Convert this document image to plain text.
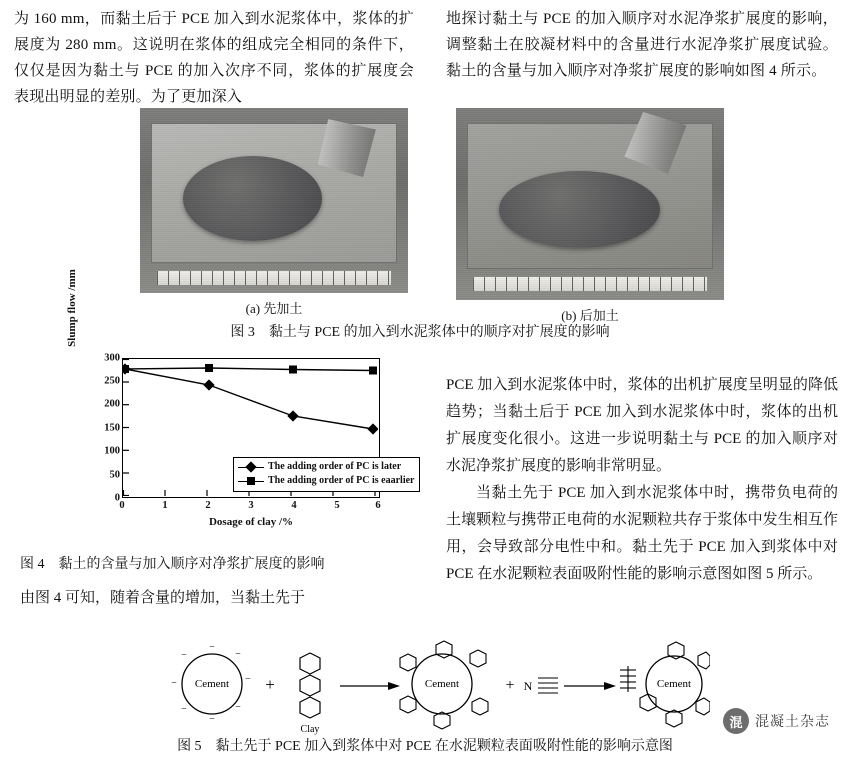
为 160 mm，而黏土后于 PCE 加入到水泥浆体中，浆体的扩展度为 280 mm。这说明在浆体的组成完全相同的条件下，仅仅是因为黏土与 PCE 的加入次序不同，浆体的扩展度会表现出明显的差别。为了更加深入
地探讨黏土与 PCE 的加入顺序对水泥净浆扩展度的影响，调整黏土在胶凝材料中的含量进行水泥净浆扩展度试验。黏土的含量与加入顺序对净浆扩展度的影响如图 4 所示。
(a) 先加土	(b) 后加土
图 3　黏土与 PCE 的加入到水泥浆体中的顺序对扩展度的影响
Slump flow /mm
300
250
200
150
100
50
0
The adding order of PC is later
The adding order of PC is eaarlier
0	1	2	3	4	5	6
Dosage of clay /%
图 4　黏土的含量与加入顺序对净浆扩展度的影响
PCE 加入到水泥浆体中时，浆体的出机扩展度呈明显的降低趋势；当黏土后于 PCE 加入到水泥浆体中时，浆体的出机扩展度变化很小。这进一步说明黏土与 PCE 的加入顺序对水泥净浆扩展度的影响非常明显。
当黏土先于 PCE 加入到水泥浆体中时，携带负电荷的土壤颗粒与携带正电荷的水泥颗粒共存于浆体中发生相互作用，会导致部分电性中和。黏土先于 PCE 加入到浆体中对 PCE 在水泥颗粒表面吸附性能的影响示意图如图 5 所示。
由图 4 可知，随着含量的增加，当黏土先于
Cement
−
−
−
−
−
−
−
−
+
Clay
Cement	+ N	Cement
图 5　黏土先于 PCE 加入到浆体中对 PCE 在水泥颗粒表面吸附性能的影响示意图
混 混凝土杂志
